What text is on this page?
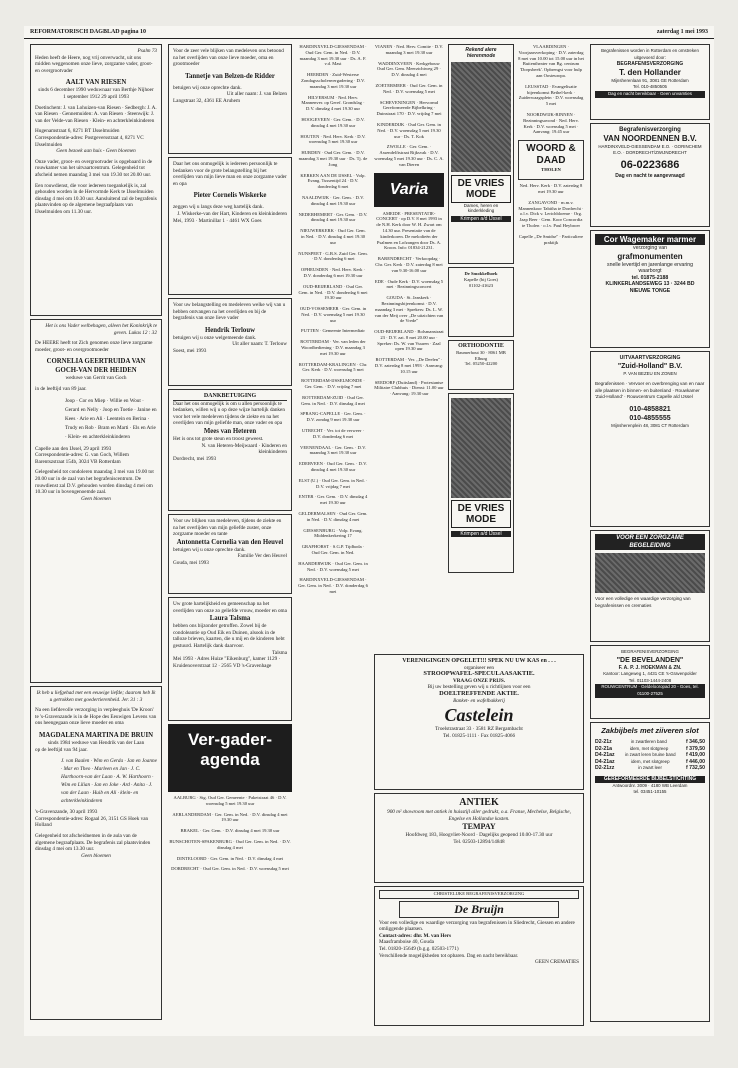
REFORMATORISCH DAGBLAD pagina 10	zaterdag 1 mei 1993
Psalm 73
Heden heeft de Heere, nog vrij onverwacht, uit ons midden weggenomen onze lieve, zorgzame vader, groot- en overgrootvader
AALT VAN RIESEN
sinds 6 december 1990 weduwnaar van Berthje Nijhoer
1 september 1912 29 april 1993
Doetinchem: J. van Lohuizen-van Riesen · Sedbergh: J. A. van Riesen · Gennemuiden: A. van Riesen · Steenwijk: J. van der Velde-van Riesen · Klein- en achterkleinkinderen
Hugenamstraat 6, 8271 BT IJsselmuiden
Correspondentie-adres: Postgeversstraat 4, 8271 VC IJsselmuiden
Geen bezoek aan huis - Geen bloemen
Onze vader, groot- en overgrootvader is opgebaard in de rouwkamer van het uitvaartcentrum. Gelegenheid tot afscheid nemen maandag 3 mei van 19.30 tot 20.00 uur.
Een rouwdienst, die voor iedereen toegankelijk is, zal gehouden worden in de Hervormde Kerk te IJsselmuiden dinsdag 4 mei om 10.30 uur. Aansluitend zal de begrafenis plaatsvinden op de algemene begraafplaats van IJsselmuiden om 11.30 uur.
Het is ons Vader welbehagen, alleen het Koninkrijk te geven. Lukas 12 : 32
De HEERE heeft tot Zich genomen onze lieve zorgzame moeder, groot- en overgrootmoeder
CORNELIA GEERTRUIDA VAN GOCH-VAN DER HEIDEN
weduwe van Gerrit van Goch
in de leeftijd van 89 jaar.
Joop · Cor en Miep · Willie en Wout · Gerard en Nelly · Joop en Toetie · Janine en Kees · Arie en Ali · Leentein en Berina · Trudy en Rob · Bram en Marti · Els en Arie · Klein- en achterkleinkinderen
Capelle aan den IJssel, 29 april 1993
Correspondentie-adres: G. van Goch, Willem Barentszstraat 154b, 3024 VB Rotterdam
Gelegenheid tot condoleren maandag 3 mei van 19.00 tot 20.00 uur in de zaal van het begrafeniscentrum. De rouwdienst zal D.V. gehouden worden dinsdag 4 mei om 10.30 uur in bovengenoemde zaal.
Geen bloemen
Ik heb u liefgehad met een eeuwige liefde; daarom heb Ik u getrokken met goedertierenheid. Jer. 31 : 3
Na een liefdevolle verzorging in verpleeghuis 'De Kroon' te 's-Gravenzande is in de Hope des Eeuwigen Levens van ons heengegaan onze lieve moeder en oma
MAGDALENA MARTINA DE BRUIN
sinds 1984 weduwe van Hendrik van der Laan
op de leeftijd van 94 jaar.
J. van Baalen · Wim en Gerda · Jan en Joanne · Mar en Theo · Marleen en Jan · J. C. Harthoorn-van der Laan · A. W. Harthoorn · Wim en Lilian · Jan en Joke · Ard · Anita · J. van der Laan · Huib en Ali · klein- en achterkleinkinderen
's-Gravenzande, 30 april 1993
Correspondentie-adres: Rogaal 26, 3151 GS Hoek van Holland
Gelegenheid tot afscheidnemen in de aula van de algemene begraafplaats. De begrafenis zal plaatsvinden dinsdag 4 mei om 13.30 uur.
Geen bloemen
Voor de zeer vele blijken van medeleven ons betoond na het overlijden van onze lieve moeder, oma en grootmoeder
Tannetje van Belzen-de Ridder
betuigen wij onze oprechte dank.
Uit aller naam: J. van Belzen
Langstraat 32, 4361 EE Aruhem
Daar het ons onmogelijk is iedereen persoonlijk te bedanken voor de grote belangstelling bij het overlijden van mijn lieve man en onze zorgzame vader en opa
Pieter Cornelis Wiskerke
zeggen wij u langs deze weg hartelijk dank.
J. Wiskerke-van der Hart, Kinderen en kleinkinderen
Mei, 1993 · Martinillar 1 · 4461 WX Goes
Voor uw belangstelling en medeleven welke wij van u hebben ontvangen na het overlijden en bij de begrafenis van onze lieve vader
Hendrik Terlouw
betuigen wij u onze welgemeende dank.
Uit aller naam: T. Terlouw
Soest, mei 1993
DANKBETUIGING
Daar het ons onmogelijk is om u allen persoonlijk te bedanken, willen wij u op deze wijze hartelijk danken voor het vele medeleven tijdens de ziekte en na het overlijden van mijn geliefde man, onze vader en opa
Mees van Heteren
Het is ons tot grote steun en troost geweest.
N. van Heteren-Meijwaard · Kinderen en kleinkinderen
Dordrecht, mei 1993
Voor uw blijken van medeleven, tijdens de ziekte en na het overlijden van mijn geliefde zuster, onze zorgzame moeder en tante
Antonnetta Cornelia van den Heuvel
betuigen wij u onze oprechte dank.
Familie Ver den Heuvel
Gouda, mei 1993
Uw grote hartelijkheid en gemeenschap na het overlijden van onze zo geliefde vrouw, moeder en oma
Laura Talsma
hebben ons bijzonder getroffen. Zowel bij de condoleantie op Oud Eik en Duinen, alsook in de talloze brieven, kaarten, die u mij en de kinderen hebt gestuurd. Hartelijk dank daarvoor.
Talsma
Mei 1993 · Adres Huize "Eikenburg", kamer 1129 · Kruidenoverstraat 12 · 2565 VD 's-Gravenhage
Ver-gader-agenda

AALBURG · Stg. Oud Ger. Gemeente · Paketstraat 46 · D.V. woensdag 5 mei 19.30 uur

AERLANDERDAM · Ger. Gem. in Ned. · D.V. dinsdag 4 mei 19.30 uur

BRAKEL · Ger. Gem. · D.V. dinsdag 4 mei 19.30 uur

BUNSCHOTEN-SPAKENBURG · Oud Ger. Gem. in Ned. · D.V. dinsdag 4 mei

DINTELOORD · Ger. Gem. in Ned. · D.V. dinsdag 4 mei

DORDRECHT · Oud Ger. Gem. in Ned. · D.V. woensdag 5 mei

HARDINXVELD-GIESSENDAM · Oud Ger. Gem. in Ned. · D.V. maandag 3 mei 19.30 uur · Ds. A. F. v.d. Mast

HEERDEN · Zuid-Westerse Zondagsscholenvergadering · D.V. maandag 3 mei 19.30 uur

HILVERSUM · Ned. Herv. Mannenver. op Geref. Grondslag · D.V. dinsdag 4 mei 19.30 uur

HOOGEVEEN · Ger. Gem. · D.V. dinsdag 4 mei 19.30 uur

HOUTEN · Ned. Herv. Kerk · D.V. woensdag 5 mei 19.30 uur

HURDEN · Oud Ger. Gem. · D.V. maandag 3 mei 19.30 uur · Ds. Tj. de Jong

KERKEN AAN DE IJSSEL · Volp. Evang. Tussentijd 24 · D.V. donderdag 6 mei

NAALDWIJK · Ger. Gem. · D.V. dinsdag 4 mei 19.30 uur

NEDERHEMERT · Ger. Gem. · D.V. dinsdag 4 mei 19.30 uur

NIEUWERKERK · Oud Ger. Gem. in Ned. · D.V. dinsdag 4 mei 19.30 uur

NUNSPEET · G.B.S. Zuid Ger. Gem. · D.V. donderdag 6 mei

OPHEUSDEN · Ned. Herv. Kerk · D.V. donderdag 6 mei 19.30 uur

OUD-BEIJERLAND · Oud Ger. Gem. in Ned. · D.V. donderdag 6 mei 19.30 uur

OUD-VOSSEMEER · Ger. Gem. in Ned. · D.V. woensdag 5 mei 19.30 uur

PUTTEN · Gemeente Intermediair

ROTTERDAM · Ver. van leden der Woordbediening · D.V. maandag 3 mei 19.30 uur

ROTTERDAM-KRALINGEN · Chr. Ger. Kerk · D.V. woensdag 5 mei

ROTTERDAM-IJSSELMONDE · Ger. Gem. · D.V. vrijdag 7 mei

ROTTERDAM-ZUID · Oud Ger. Gem. in Ned. · D.V. dinsdag 4 mei

SPRANG-CAPELLE · Ger. Gem. · D.V. zondag 9 mei 19.30 uur

UTRECHT · Ver. tot de verweer · D.V. donderdag 6 mei

VEENENDAAL · Ger. Gem. · D.V. maandag 3 mei 19.30 uur

EDERVEEN · Oud Ger. Gem. · D.V. dinsdag 4 mei 19.30 uur

ELST (U.) · Oud Ger. Gem. in Ned. · D.V. vrijdag 7 mei

ENTER · Ger. Gem. · D.V. dinsdag 4 mei 19.30 uur

GELDERMALSEN · Oud Ger. Gem. in Ned. · D.V. dinsdag 4 mei

GIESSENBURG · Volp. Evang. Middenkerkering 17

GRAFHORST · S.G.P. Tijdboda · Oud Ger. Gem. in Ned.

HAARDERWIJK · Oud Ger. Gem. in Ned. · D.V. woensdag 5 mei

HARDINXVELD-GIESSENDAM · Ger. Gem. in Ned. · D.V. donderdag 6 mei

VIANEN · Ned. Herv. Comite · D.V. maandag 3 mei 19.30 uur

WADDINXVEEN · Kerkgebouw Oud Ger. Gem. Meerzichtweg 29 · D.V. dinsdag 4 mei

ZOETERMEER · Oud Ger. Gem. in Ned. · D.V. woensdag 5 mei

SCHEVENINGEN · Hervormd Gereformeerde Bijbelkring · Duinstraat 170 · D.V. vrijdag 7 mei

KINDERDIJK · Oud Ger. Gem. in Ned. · D.V. woensdag 5 mei 19.30 uur · Ds. T. Kok

ZWOLLE · Ger. Gem. · Assendelftstraat Rijksvak · D.V. woensdag 5 mei 19.30 uur · Ds. C. A. van Dieren

Varia

AMEIDE · PRESENTATIE-CONCERT · op D.V. 8 mei 1993 in de N.H. Kerk door W. H. Zwart om 14.30 uur. Presentatie van de kinderkoren. De melodieën der Psalmen en Lofzangen door Ds. A. Kroon. Info: 01834-21231.

BARENDRECHT · Verkoopdag · Chr. Ger. Kerk · D.V. zaterdag 8 mei van 9.30-16.00 uur

EDE · Oude Kerk · D.V. woensdag 5 mei · Bezinningsconcert

GOUDA · St. Janskerk · Bezinningsbijeenkomst · D.V. maandag 3 mei · Sprekers: Ds. L. W. van der Meij over ,,De uitzichten van de Vrede''

OUD-BEIJERLAND · Bolsmanstraat 23 · D.V. zat. 8 mei 20.00 uur · Spreker: Ds. W. van Vuuren · Zaal open 19.30 uur

ROTTERDAM · Ver. ,,De Deelen'' · D.V. zaterdag 8 mei 1993 · Aanvang: 10.15 uur

SEEDORF (Duitsland) · Protestantse Militaire Clubhuis · Dienst: 11.00 uur · Aanvang: 19.30 uur

Rekend alere hierenmode
DE VRIES MODE
Dames, heren en kinderkleding
Krimpen a/d IJssel
De Smokkelhoek
Kapelle (bij Goes)
01102-41623
ORTHODONTIE
Baumerhout 30 · 8061 MB Elburg
Tel. 05250-42200
DE VRIES MODE
Krimpen a/d IJssel

VLAARDINGEN · Voorjaarsverkoping · D.V. zaterdag 8 mei van 10.00 tot 15.00 uur in het Buitentheater van Bg. centrum 'Dorpsbeek'. Opbrengst voor hulp aan Oosteuropa.

LEUSSTAD · Evangelisatie bijeenkomst Bethel-kerk · Zuiderwaagsplein · D.V. woensdag 5 mei

NOORDWIJK-BINNEN · Bezinningsavond · Ned. Herv. Kerk · D.V. woensdag 5 mei · Aanvang: 19.45 uur

WOORD & DAAD
THOLEN

Ned. Herv. Kerk · D.V. zaterdag 8 mei 19.30 uur

ZANGAVOND · m.m.v. Mannenkoor Tabitha te Dordrecht · o.l.v. Dick v. Lerichbloeme · Org. Jaap Beer · Gem. Koor Concordia te Tholen · o.l.v. Paul Heybroer

Capelle ,,De Smidse'' · Particuliere praktijk

VERENIGINGEN OPGELET!!! SPEK NU UW KAS en . . .
organiseer een
STROOPWAFEL-SPECULAASAKTIE.
VRAAG ONZE PRIJS.
Bij uw bestelling geven wij u richtlijnen voor een
DOELTREFFENDE AKTIE.
Banket- en wafelbakkerij
Castelein
Troelstrastraat 33 · 3581 RZ Bergambacht
Tel. 01825-1111 · Fax 01825-4066
ANTIEK
900 m² showroom met antiek in huisstijl aller gedrukt, o.a. Franse, Mechelse, Belgische, Engelse en Hollandse kasten.
TEMPAY
Hoofdweg 183, Hoogvliet-Noord · Dagelijks geopend 10.00-17.30 uur
Tel. 02503-12894/14848
CHRISTELIJKE BEGRAFENISVERZORGING
De Bruijn
Voor een volledige en waardige verzorging van begrafenissen in Sliedrecht, Giessen en andere omliggende plaatsen.
Contact-adres: dhr. M. van Hers
Maasframboise 40, Gouda
Tel. 01820-15649 (b.g.g. 02503-1771)
Verschillende mogelijkheden tot opbaren. Dag en nacht bereikbaar.
GEEN CREMATIES
Begrafenissen worden in Rotterdam en omstreken uitgevoerd door:
BEGRAFENISVERZORGING
T. den Hollander
Mijnsherenlaan 91, 3081 GE Rotterdam
Tel. 010-4850505
Dag en nacht bereikbaar · Geen unvamties
Begrafenisverzorging
VAN NOORDENNEN B.V.
HARDINXVELD-GIESSENDAM E.O. · GORINCHEM E.O. · DORDRECHT/ZWIJNDRECHT
06-0223686
Dag en nacht te aangevraagd
Cor Wagemaker marmer
verzorging van
grafmonumenten
snelle levertijd en jarenlange ervaring waarborgt
tel. 01875-2188
KLINKERLANDSEWEG 13 · 3244 BD NIEUWE TONGE
UITVAARTVERZORGING
"Zuid-Holland" B.V.
P. VAN BEZEU EN ZONEN
Begrafenissen · Vervoer en overbrenging van en naar alle plaatsen in binnen- en buitenland · Rouwkamer 'Zuid-Holland' · Rouwcentrum Capelle a/d IJssel
010-4858821
010-4855555
Mijnsherenplein 48, 3081 CT Rotterdam
VOOR EEN ZORGZAME BEGELEIDING
Voor een volledige en waardige verzorging van begrafenissen en crematies
BEGRAFENISVERZORGING
"DE BEVELANDEN"
F. A. P. J. HOEKMAN & ZN.
Kantoor: Langeweg 1, 4431 CE 's-Gravenpolder
Tel. 01103-1444-2408
ROUWCENTRUM · Geldelooropad 20 - Goes, tel. 01100-27525
Zakbijbels met ziiveren slot
D2-21z	in zwartleren band	f 346,50
D2-21a	idem, met slotgreep	f 379,50
D4-21az in zwart leren bruine band f 419,00
D4-21az	idem, met slotgreep	f 446,00
D2-21zz	in zwart leer	f 732,50
GEREFORMEERDE BIJBELSTICHTING
Antwoordnr. 3009 · 4180 WB Leerdam
tel. 03451-10155
